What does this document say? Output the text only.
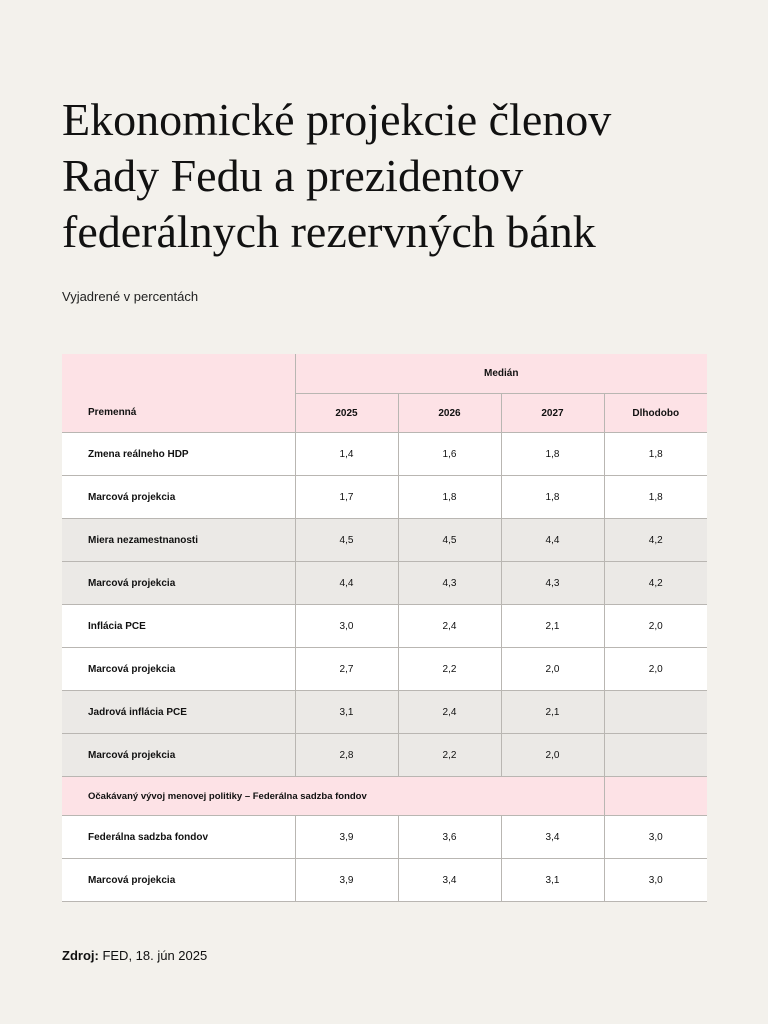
Ekonomické projekcie členov
Rady Fedu a prezidentov
federálnych rezervných bánk
Vyjadrené v percentách
Premenná	Medián			
	2025	2026	2027	Dlhodobo
Zmena reálneho HDP	1,4	1,6	1,8	1,8
Marcová projekcia	1,7	1,8	1,8	1,8
Miera nezamestnanosti	4,5	4,5	4,4	4,2
Marcová projekcia	4,4	4,3	4,3	4,2
Inflácia PCE	3,0	2,4	2,1	2,0
Marcová projekcia	2,7	2,2	2,0	2,0
Jadrová inflácia PCE	3,1	2,4	2,1	
Marcová projekcia	2,8	2,2	2,0	
Očakávaný vývoj menovej politiky – Federálna sadzba fondov				
Federálna sadzba fondov	3,9	3,6	3,4	3,0
Marcová projekcia	3,9	3,4	3,1	3,0
Zdroj: FED, 18. jún 2025
